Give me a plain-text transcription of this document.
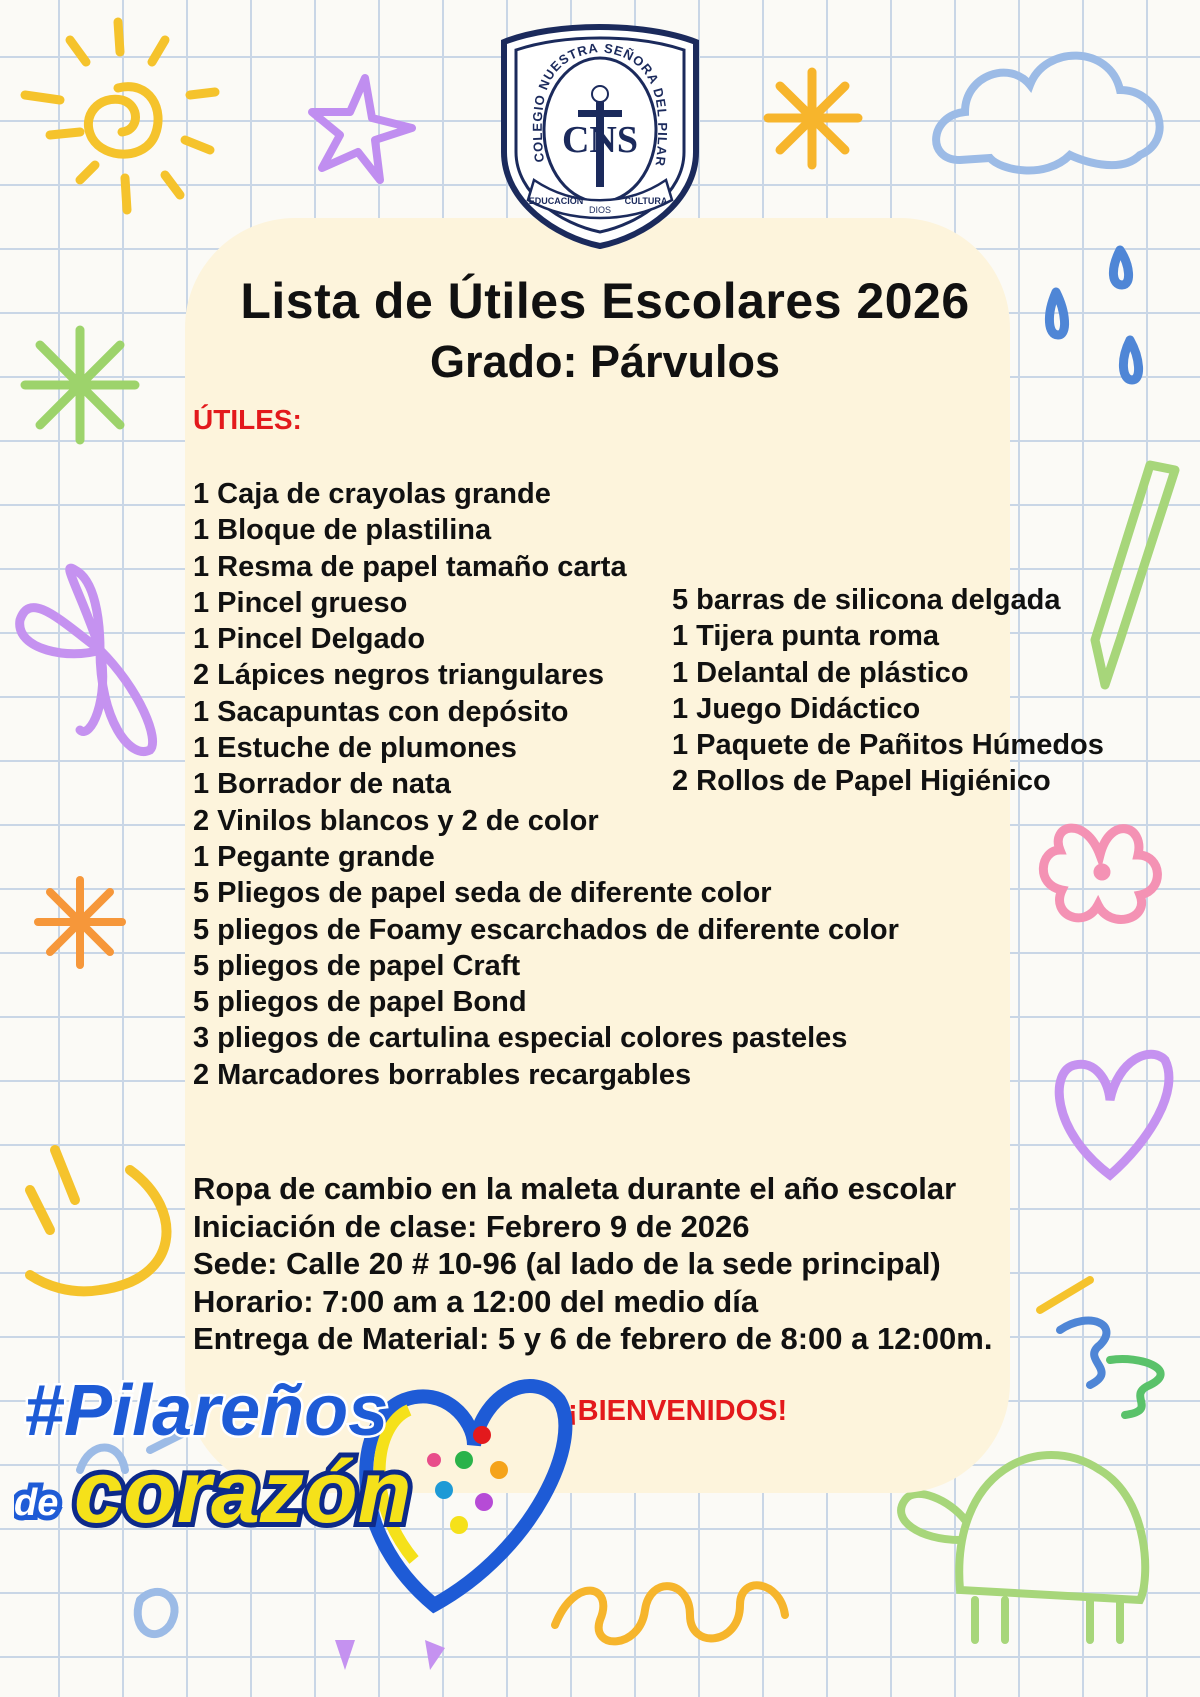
COLEGIO NUESTRA SEÑORA DEL PILAR
CNS
EDUCACIÓN
DIOS
CULTURA
Lista de Útiles Escolares 2026
Grado: Párvulos
ÚTILES:
1 Caja de crayolas grande
1 Bloque de plastilina
1 Resma de papel tamaño carta
1 Pincel grueso
1 Pincel Delgado
2 Lápices negros triangulares
1 Sacapuntas con depósito
1 Estuche de plumones
1 Borrador de nata
2 Vinilos blancos y 2 de color
1 Pegante grande
5 Pliegos de papel seda de diferente color
5 pliegos de Foamy escarchados de diferente color
5 pliegos de papel Craft
5 pliegos de papel Bond
3 pliegos de cartulina especial colores pasteles
2 Marcadores borrables recargables
5 barras de silicona delgada
1 Tijera punta roma
1 Delantal de plástico
1 Juego Didáctico
1 Paquete de Pañitos Húmedos
2 Rollos de Papel Higiénico
Ropa de cambio en la maleta durante el año escolar
Iniciación de clase: Febrero 9 de 2026
Sede: Calle 20 # 10-96 (al lado de la sede principal)
Horario: 7:00 am a 12:00 del medio día
Entrega de Material: 5 y 6 de febrero de 8:00 a 12:00m.
¡BIENVENIDOS!
#Pilareños
de corazón
